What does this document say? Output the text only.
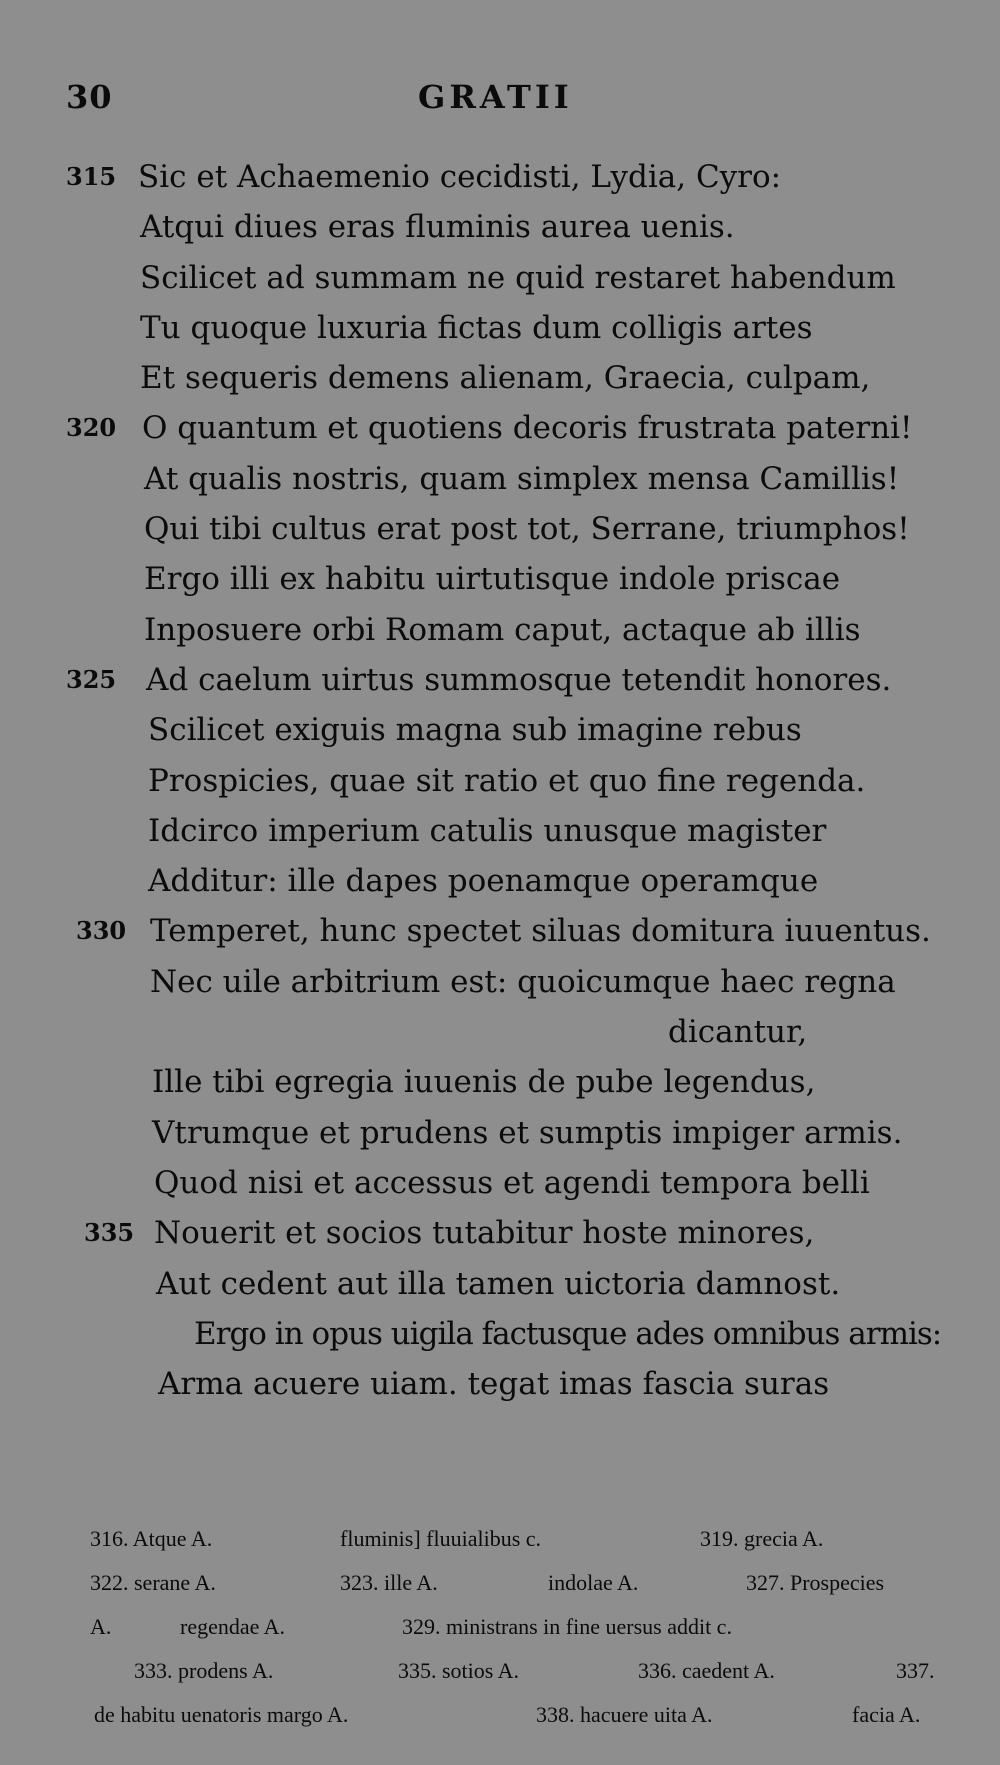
30	GRATII
315 Sic et Achaemenio cecidisti, Lydia, Cyro:
Atqui diues eras fluminis aurea uenis.
Scilicet ad summam ne quid restaret habendum
Tu quoque luxuria fictas dum colligis artes
Et sequeris demens alienam, Graecia, culpam,
320 O quantum et quotiens decoris frustrata paterni!
At qualis nostris, quam simplex mensa Camillis!
Qui tibi cultus erat post tot, Serrane, triumphos!
Ergo illi ex habitu uirtutisque indole priscae
Inposuere orbi Romam caput, actaque ab illis
325 Ad caelum uirtus summosque tetendit honores.
Scilicet exiguis magna sub imagine rebus
Prospicies, quae sit ratio et quo fine regenda.
Idcirco imperium catulis unusque magister
Additur: ille dapes poenamque operamque
330 Temperet, hunc spectet siluas domitura iuuentus.
Nec uile arbitrium est: quoicumque haec regna
dicantur,
Ille tibi egregia iuuenis de pube legendus,
Vtrumque et prudens et sumptis impiger armis.
Quod nisi et accessus et agendi tempora belli
335 Nouerit et socios tutabitur hoste minores,
Aut cedent aut illa tamen uictoria damnost.
Ergo in opus uigila factusque ades omnibus armis:
Arma acuere uiam. tegat imas fascia suras
316. Atque A.	fluminis] fluuialibus c.	319. grecia A.
322. serane A.	323. ille A.	indolae A.	327. Prospecies
A.	regendae A.	329. ministrans in fine uersus addit c.
333. prodens A.	335. sotios A.	336. caedent A.	337.
de habitu uenatoris margo A.	338. hacuere uita A.	facia A.
